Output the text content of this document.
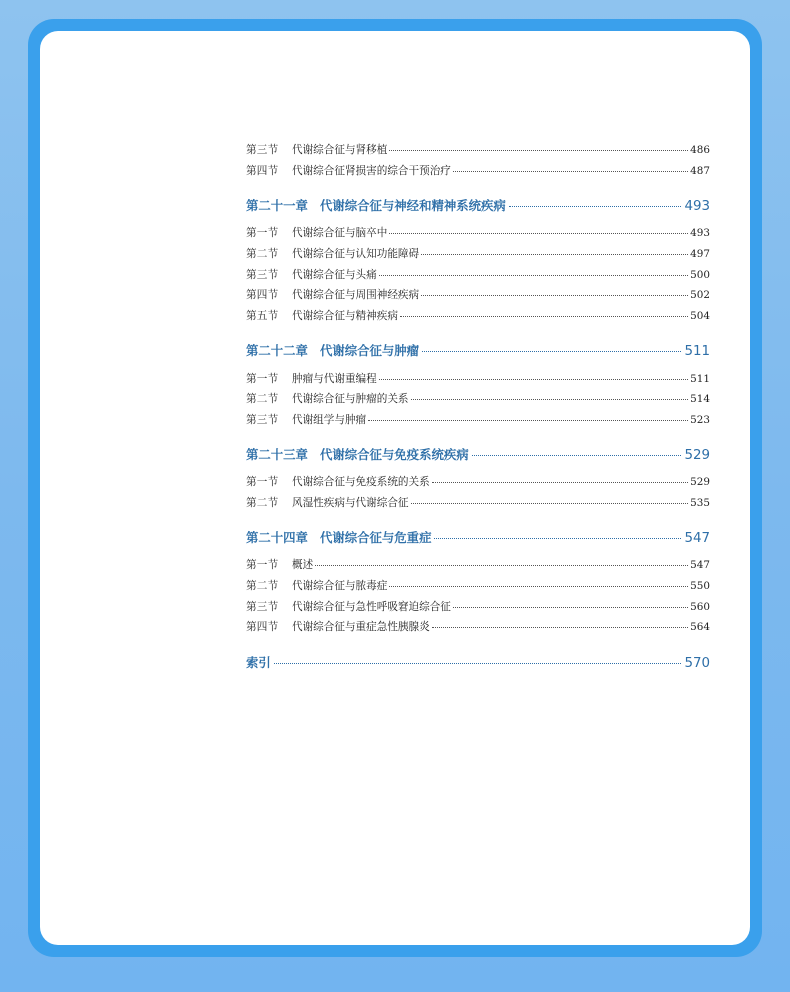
第三节	代谢综合征与肾移植	486
第四节	代谢综合征肾损害的综合干预治疗	487
第二十一章 代谢综合征与神经和精神系统疾病	493
第一节	代谢综合征与脑卒中	493
第二节	代谢综合征与认知功能障碍	497
第三节	代谢综合征与头痛	500
第四节	代谢综合征与周围神经疾病	502
第五节	代谢综合征与精神疾病	504
第二十二章 代谢综合征与肿瘤	511
第一节	肿瘤与代谢重编程	511
第二节	代谢综合征与肿瘤的关系	514
第三节	代谢组学与肿瘤	523
第二十三章 代谢综合征与免疫系统疾病	529
第一节	代谢综合征与免疫系统的关系	529
第二节	风湿性疾病与代谢综合征	535
第二十四章 代谢综合征与危重症	547
第一节	概述	547
第二节	代谢综合征与脓毒症	550
第三节	代谢综合征与急性呼吸窘迫综合征	560
第四节	代谢综合征与重症急性胰腺炎	564
索引	570
